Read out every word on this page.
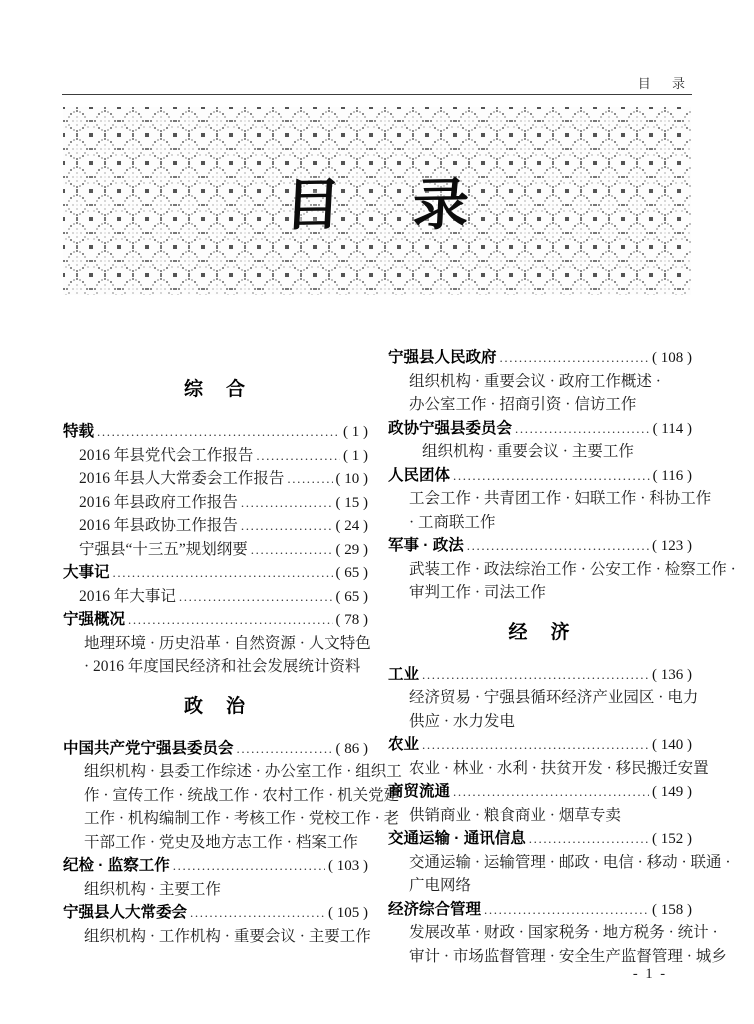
目 录
目 录
综　合
特载 .....	( 1 )
2016 年县党代会工作报告 .....	( 1 )
2016 年县人大常委会工作报告 .....	( 10 )
2016 年县政府工作报告 .....	( 15 )
2016 年县政协工作报告 .....	( 24 )
宁强县“十三五”规划纲要 .....	( 29 )
大事记 .....	( 65 )
2016 年大事记 .....	( 65 )
宁强概况 .....	( 78 )
地理环境 · 历史沿革 · 自然资源 · 人文特色
· 2016 年度国民经济和社会发展统计资料
政　治
中国共产党宁强县委员会 .....	( 86 )
组织机构 · 县委工作综述 · 办公室工作 · 组织工
作 · 宣传工作 · 统战工作 · 农村工作 · 机关党建
工作 · 机构编制工作 · 考核工作 · 党校工作 · 老
干部工作 · 党史及地方志工作 · 档案工作
纪检 · 监察工作 .....	( 103 )
组织机构 · 主要工作
宁强县人大常委会 .....	( 105 )
组织机构 · 工作机构 · 重要会议 · 主要工作
宁强县人民政府 .....	( 108 )
组织机构 · 重要会议 · 政府工作概述 ·
办公室工作 · 招商引资 · 信访工作
政协宁强县委员会 .....	( 114 )
组织机构 · 重要会议 · 主要工作
人民团体 .....	( 116 )
工会工作 · 共青团工作 · 妇联工作 · 科协工作
· 工商联工作
军事 · 政法 .....	( 123 )
武装工作 · 政法综治工作 · 公安工作 · 检察工作 ·
审判工作 · 司法工作
经　济
工业 .....	( 136 )
经济贸易 · 宁强县循环经济产业园区 · 电力
供应 · 水力发电
农业 .....	( 140 )
农业 · 林业 · 水利 · 扶贫开发 · 移民搬迁安置
商贸流通 .....	( 149 )
供销商业 · 粮食商业 · 烟草专卖
交通运输 · 通讯信息 .....	( 152 )
交通运输 · 运输管理 · 邮政 · 电信 · 移动 · 联通 ·
广电网络
经济综合管理 .....	( 158 )
发展改革 · 财政 · 国家税务 · 地方税务 · 统计 ·
审计 · 市场监督管理 · 安全生产监督管理 · 城乡
- 1 -
